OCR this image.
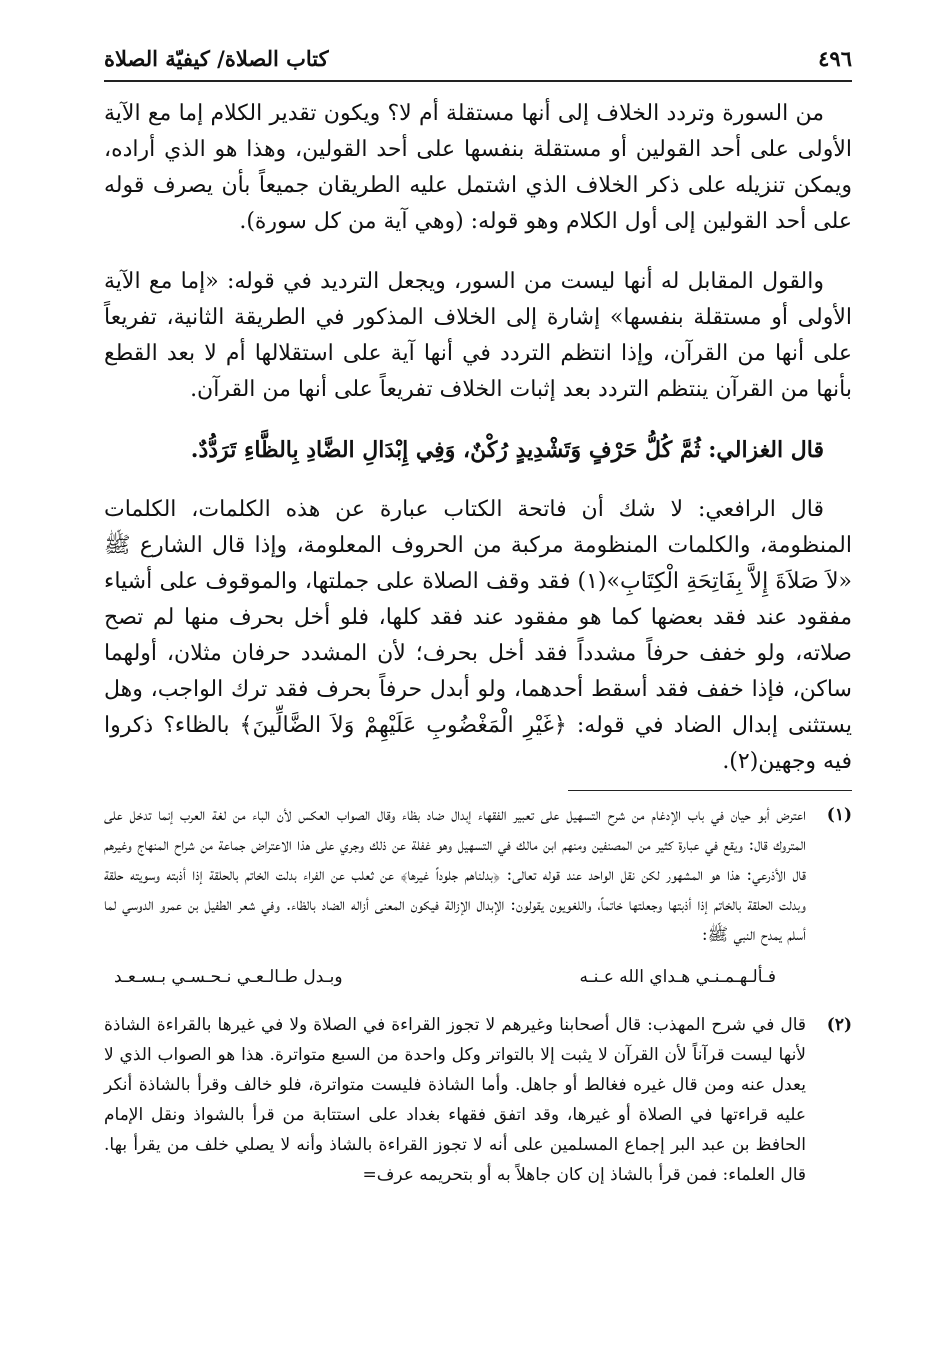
٤٩٦
كتاب الصلاة/ كيفيّة الصلاة

من السورة وتردد الخلاف إلى أنها مستقلة أم لا؟ ويكون تقدير الكلام إما مع الآية الأولى على أحد القولين أو مستقلة بنفسها على أحد القولين، وهذا هو الذي أراده، ويمكن تنزيله على ذكر الخلاف الذي اشتمل عليه الطريقان جميعاً بأن يصرف قوله على أحد القولين إلى أول الكلام وهو قوله: (وهي آية من كل سورة).

والقول المقابل له أنها ليست من السور، ويجعل الترديد في قوله: «إما مع الآية الأولى أو مستقلة بنفسها» إشارة إلى الخلاف المذكور في الطريقة الثانية، تفريعاً على أنها من القرآن، وإذا انتظم التردد في أنها آية على استقلالها أم لا بعد القطع بأنها من القرآن ينتظم التردد بعد إثبات الخلاف تفريعاً على أنها من القرآن.

قال الغزالي: ثُمَّ كُلُّ حَرْفٍ وَتَشْدِيدٍ رُكْنٌ، وَفِي إِبْدَالِ الضَّادِ بِالظَّاءِ تَرَدُّدٌ.

قال الرافعي: لا شك أن فاتحة الكتاب عبارة عن هذه الكلمات، الكلمات المنظومة، والكلمات المنظومة مركبة من الحروف المعلومة، وإذا قال الشارع ﷺ «لاَ صَلاَةَ إِلاَّ بِفَاتِحَةِ الْكِتَابِ»(١) فقد وقف الصلاة على جملتها، والموقوف على أشياء مفقود عند فقد بعضها كما هو مفقود عند فقد كلها، فلو أخل بحرف منها لم تصح صلاته، ولو خفف حرفاً مشدداً فقد أخل بحرف؛ لأن المشدد حرفان مثلان، أولهما ساكن، فإذا خفف فقد أسقط أحدهما، ولو أبدل حرفاً بحرف فقد ترك الواجب، وهل يستثنى إبدال الضاد في قوله: ﴿غَيْرِ الْمَغْضُوبِ عَلَيْهِمْ وَلاَ الضَّالِّينَ﴾ بالظاء؟ ذكروا فيه وجهين(٢).

(١)

اعترض أبو حيان في باب الإدغام من شرح التسهيل على تعبير الفقهاء إبدال ضاد بظاء وقال الصواب العكس لأن الباء من لغة العرب إنما تدخل على المتروك قال: ويقع في عبارة كثير من المصنفين ومنهم ابن مالك في التسهيل وهو غفلة عن ذلك وجري على هذا الاعتراض جماعة من شراح المنهاج وغيرهم قال الأذرعي: هذا هو المشهور لكن نقل الواحد عند قوله تعالى: ﴿بدلناهم جلوداً غيرها﴾ عن ثعلب عن الفراء بدلت الخاتم بالحلقة إذا أذبته وسويته حلقة وبدلت الحلقة بالخاتم إذا أذبتها وجعلتها خاتماً، واللغويون يقولون: الإبدال الإزالة فيكون المعنى أزاله الضاد بالظاء. وفي شعر الطفيل بن عمرو الدوسي لما أسلم يمدح النبي ﷺ:

فـألـهـمـنـي هـداي الله عـنـه
وبـدل طـالـعـي نـحـسـي بـسـعـد
(٢)

قال في شرح المهذب: قال أصحابنا وغيرهم لا تجوز القراءة في الصلاة ولا في غيرها بالقراءة الشاذة لأنها ليست قرآناً لأن القرآن لا يثبت إلا بالتواتر وكل واحدة من السبع متواترة. هذا هو الصواب الذي لا يعدل عنه ومن قال غيره فغالط أو جاهل. وأما الشاذة فليست متواترة، فلو خالف وقرأ بالشاذة أنكر عليه قراءتها في الصلاة أو غيرها، وقد اتفق فقهاء بغداد على استتابة من قرأ بالشواذ ونقل الإمام الحافظ بن عبد البر إجماع المسلمين على أنه لا تجوز القراءة بالشاذ وأنه لا يصلي خلف من يقرأ بها. قال العلماء: فمن قرأ بالشاذ إن كان جاهلاً به أو بتحريمه عرف=
